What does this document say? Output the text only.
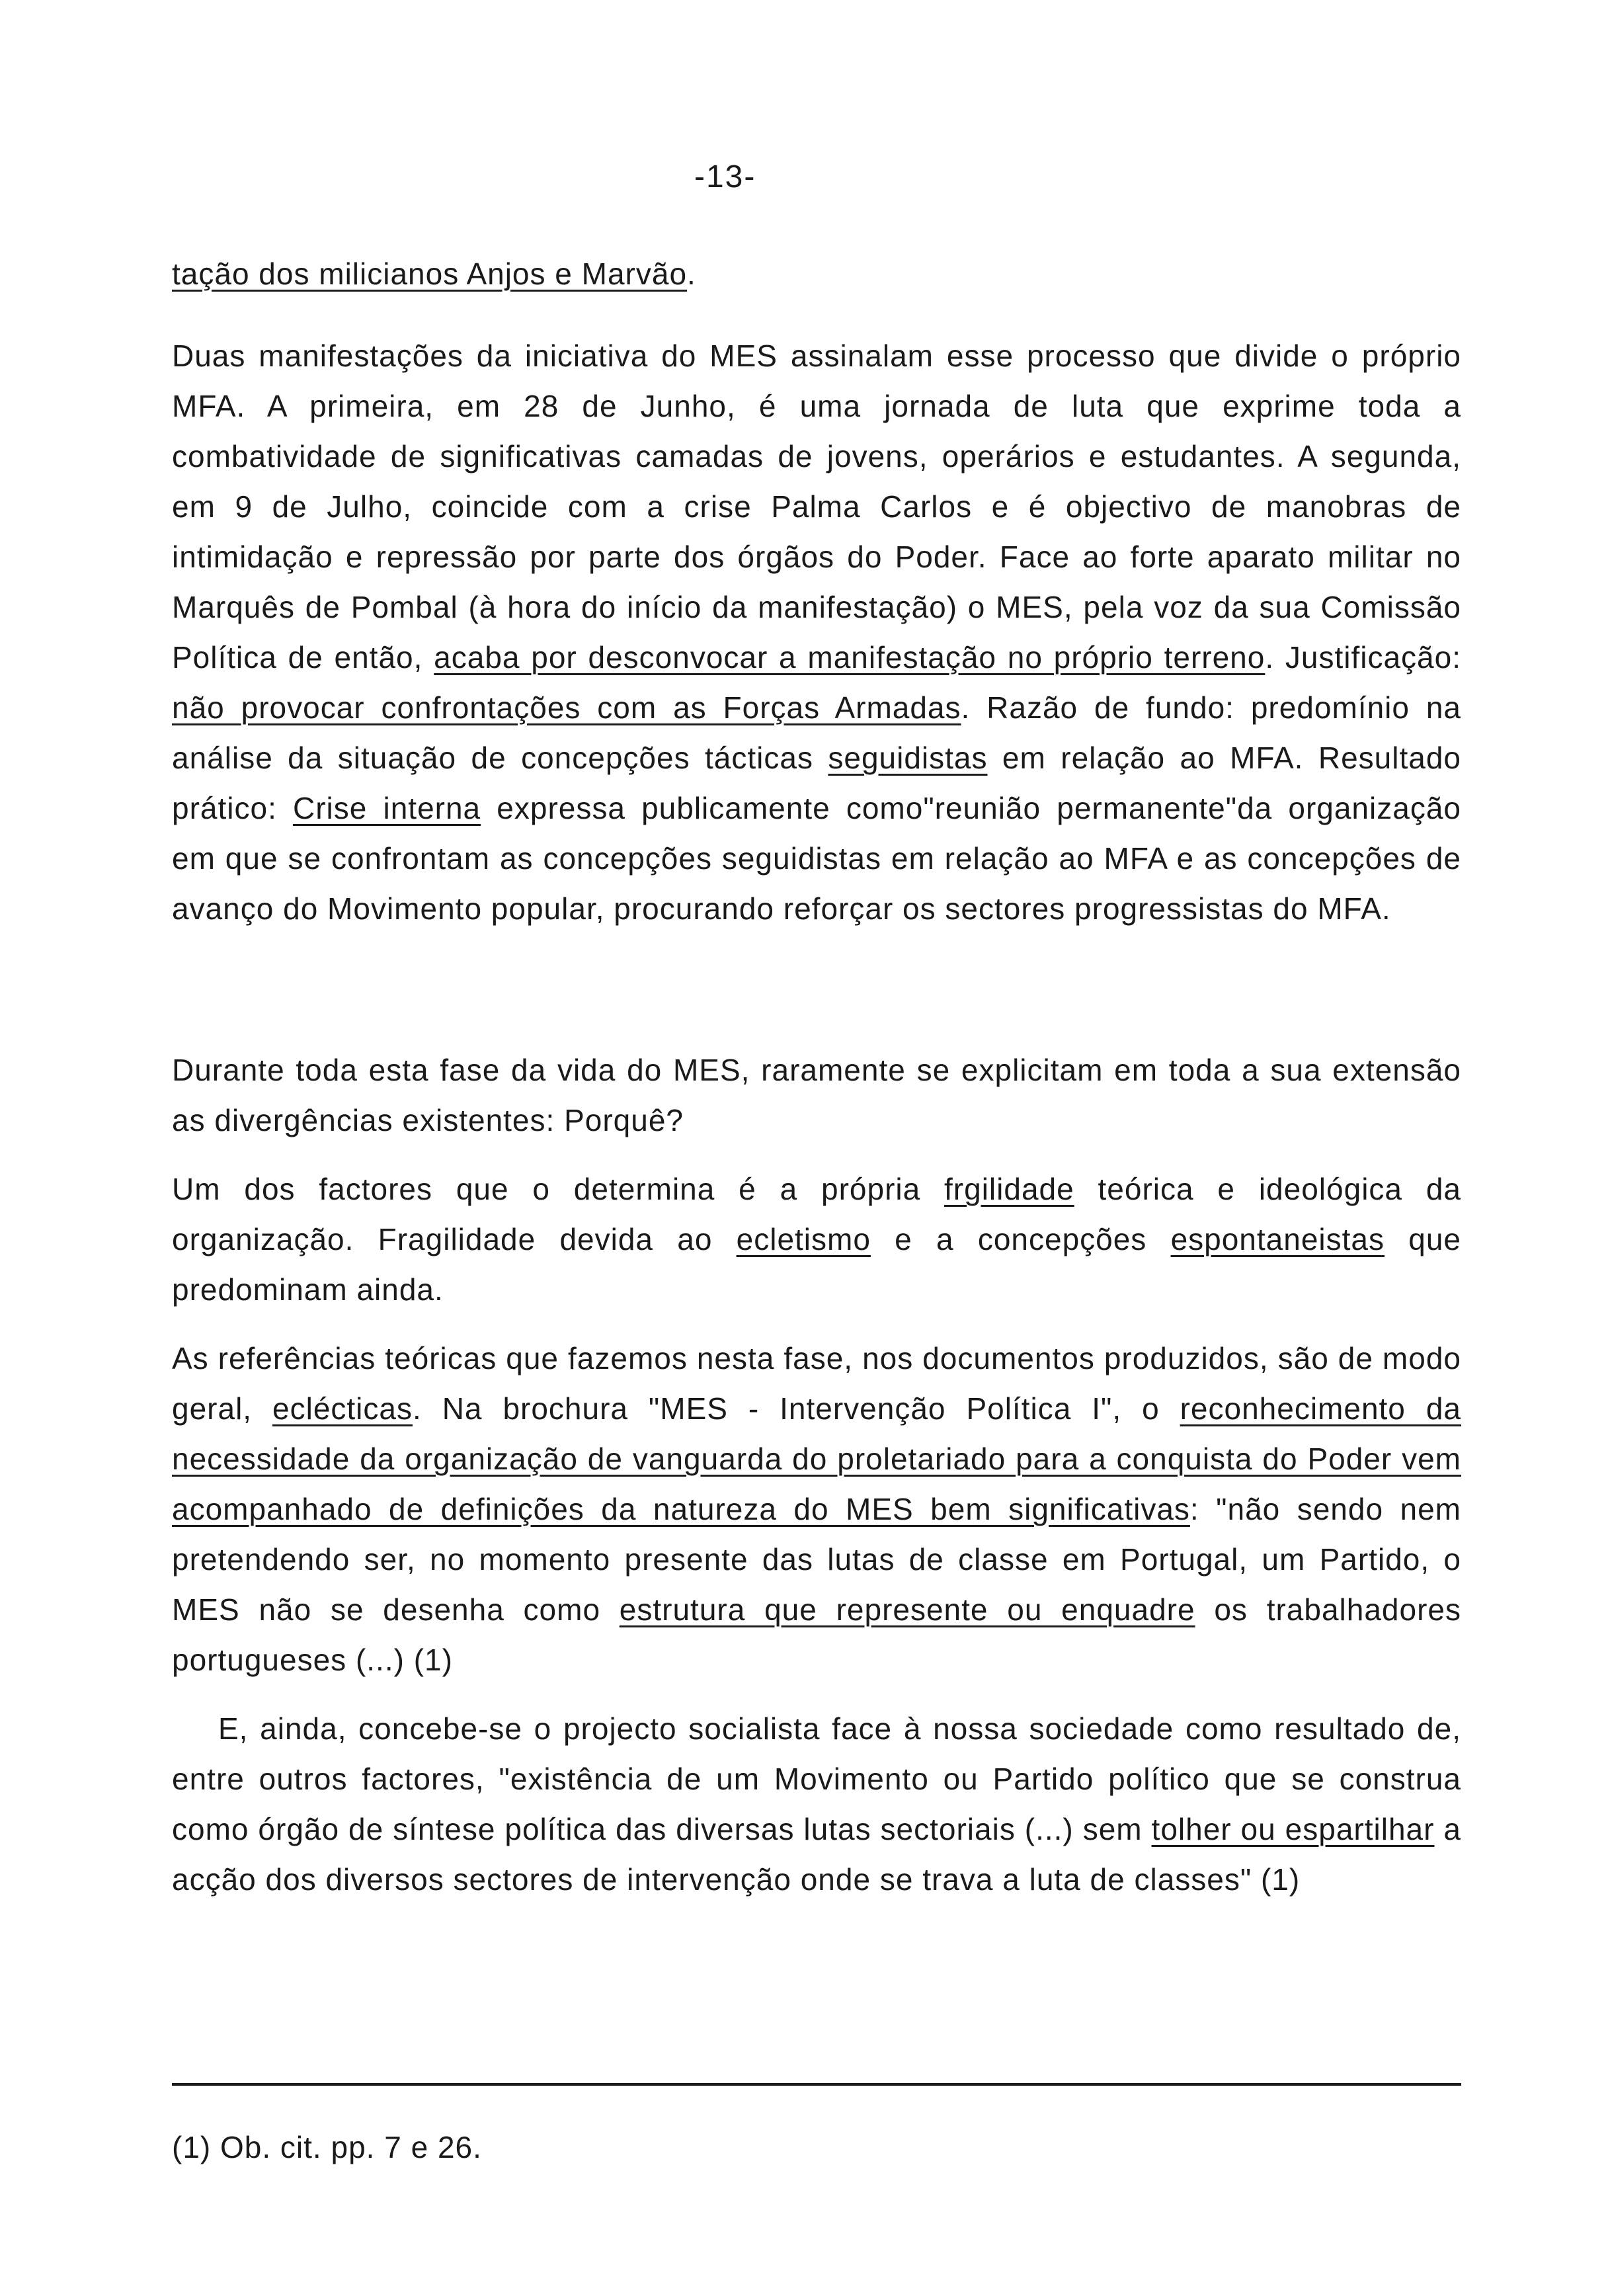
-13-

tação dos milicianos Anjos e Marvão.

Duas manifestações da iniciativa do MES assinalam esse processo que divide o próprio MFA. A primeira, em 28 de Junho, é uma jornada de luta que exprime toda a combatividade de significativas camadas de jovens, operários e estudantes. A segunda, em 9 de Julho, coincide com a crise Palma Carlos e é objectivo de manobras de intimidação e repressão por parte dos órgãos do Poder. Face ao forte aparato militar no Marquês de Pombal (à hora do início da manifestação) o MES, pela voz da sua Comissão Política de então, acaba por desconvocar a manifestação no próprio terreno. Justificação: não provocar confrontações com as Forças Armadas. Razão de fundo: predomínio na análise da situação de concepções tácticas seguidistas em relação ao MFA. Resultado prático: Crise interna expressa publicamente como"reunião permanente"da organização em que se confrontam as concepções seguidistas em relação ao MFA e as concepções de avanço do Movimento popular, procurando reforçar os sectores progressistas do MFA.

Durante toda esta fase da vida do MES, raramente se explicitam em toda a sua extensão as divergências existentes: Porquê?

Um dos factores que o determina é a própria frgilidade teórica e ideológica da organização. Fragilidade devida ao ecletismo e a concepções espontaneistas que predominam ainda.

As referências teóricas que fazemos nesta fase, nos documentos produzidos, são de modo geral, eclécticas. Na brochura "MES - Intervenção Política I", o reconhecimento da necessidade da organização de vanguarda do proletariado para a conquista do Poder vem acompanhado de definições da natureza do MES bem significativas: "não sendo nem pretendendo ser, no momento presente das lutas de classe em Portugal, um Partido, o MES não se desenha como estrutura que represente ou enquadre os trabalhadores portugueses (...) (1)

E, ainda, concebe-se o projecto socialista face à nossa sociedade como resultado de, entre outros factores, "existência de um Movimento ou Partido político que se construa como órgão de síntese política das diversas lutas sectoriais (...) sem tolher ou espartilhar a acção dos diversos sectores de intervenção onde se trava a luta de classes" (1)

(1) Ob. cit. pp. 7 e 26.
